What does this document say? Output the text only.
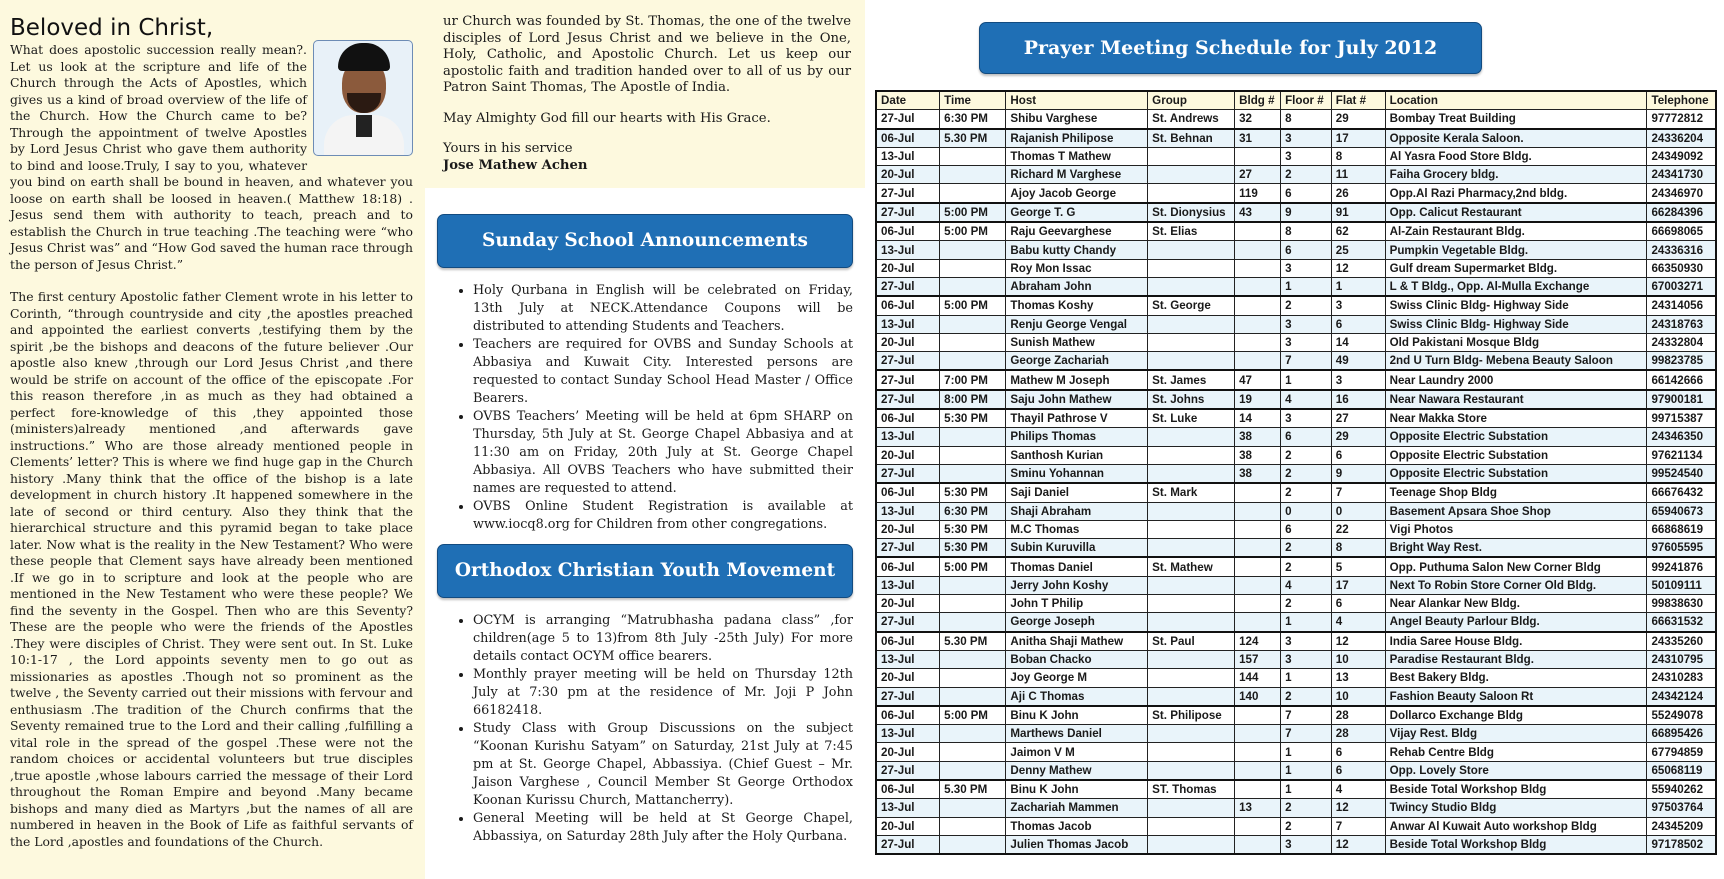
Beloved in Christ,

What does apostolic succession really mean?. Let us look at the scripture and life of the Church through the Acts of Apostles, which gives us a kind of broad overview of the life of the Church. How the Church came to be? Through the appointment of twelve Apostles by Lord Jesus Christ who gave them authority to bind and loose.Truly, I say to you, whatever you bind on earth shall be bound in heaven, and whatever you loose on earth shall be loosed in heaven.( Matthew 18:18) . Jesus send them with authority to teach, preach and to establish the Church in true teaching .The teaching were “who Jesus Christ was” and “How God saved the human race through the person of Jesus Christ.”

The first century Apostolic father Clement wrote in his letter to Corinth, “through countryside and city ,the apostles preached and appointed the earliest converts ,testifying them by the spirit ,be the bishops and deacons of the future believer .Our apostle also knew ,through our Lord Jesus Christ ,and there would be strife on account of the office of the episcopate .For this reason therefore ,in as much as they had obtained a perfect fore-knowledge of this ,they appointed those (ministers)already mentioned ,and afterwards gave instructions.” Who are those already mentioned people in Clements’ letter? This is where we find huge gap in the Church history .Many think that the office of the bishop is a late development in church history .It happened somewhere in the late of second or third century. Also they think that the hierarchical structure and this pyramid began to take place later. Now what is the reality in the New Testament? Who were these people that Clement says have already been mentioned .If we go in to scripture and look at the people who are mentioned in the New Testament who were these people? We find the seventy in the Gospel. Then who are this Seventy? These are the people who were the friends of the Apostles .They were disciples of Christ. They were sent out. In St. Luke 10:1-17 , the Lord appoints seventy men to go out as missionaries as apostles .Though not so prominent as the twelve , the Seventy carried out their missions with fervour and enthusiasm .The tradition of the Church confirms that the Seventy remained true to the Lord and their calling ,fulfilling a vital role in the spread of the gospel .These were not the random choices or accidental volunteers but true disciples ,true apostle ,whose labours carried the message of their Lord throughout the Roman Empire and beyond .Many became bishops and many died as Martyrs ,but the names of all are numbered in heaven in the Book of Life as faithful servants of the Lord ,apostles and foundations of the Church.

ur Church was founded by St. Thomas, the one of the twelve disciples of Lord Jesus Christ and we believe in the One, Holy, Catholic, and Apostolic Church. Let us keep our apostolic faith and tradition handed over to all of us by our Patron Saint Thomas, The Apostle of India.

May Almighty God fill our hearts with His Grace.

Yours in his service

Jose Mathew Achen

Sunday School Announcements
• Holy Qurbana in English will be celebrated on Friday, 13th July at NECK.Attendance Coupons will be distributed to attending Students and Teachers.
• Teachers are required for OVBS and Sunday Schools at Abbasiya and Kuwait City. Interested persons are requested to contact Sunday School Head Master / Office Bearers.
• OVBS Teachers’ Meeting will be held at 6pm SHARP on Thursday, 5th July at St. George Chapel Abbasiya and at 11:30 am on Friday, 20th July at St. George Chapel Abbasiya. All OVBS Teachers who have submitted their names are requested to attend.
• OVBS Online Student Registration is available at www.iocq8.org for Children from other congregations.
Orthodox Christian Youth Movement
• OCYM is arranging “Matrubhasha padana class” ,for children(age 5 to 13)from 8th July -25th July) For more details contact OCYM office bearers.
• Monthly prayer meeting will be held on Thursday 12th July at 7:30 pm at the residence of Mr. Joji P John 66182418.
• Study Class with Group Discussions on the subject “Koonan Kurishu Satyam” on Saturday, 21st July at 7:45 pm at St. George Chapel, Abbassiya. (Chief Guest – Mr. Jaison Varghese , Council Member St George Orthodox Koonan Kurissu Church, Mattancherry).
• General Meeting will be held at St George Chapel, Abbassiya, on Saturday 28th July after the Holy Qurbana.
Prayer Meeting Schedule for July 2012
Date	Time	Host	Group	Bldg #	Floor #	Flat #	Location	Telephone
27-Jul	6:30 PM	Shibu Varghese	St. Andrews	32	8	29	Bombay Treat Building	97772812
06-Jul	5.30 PM	Rajanish Philipose	St. Behnan	31	3	17	Opposite Kerala Saloon.	24336204
13-Jul		Thomas T Mathew			3	8	Al Yasra Food Store Bldg.	24349092
20-Jul		Richard M Varghese		27	2	11	Faiha Grocery bldg.	24341730
27-Jul		Ajoy Jacob George		119	6	26	Opp.Al Razi Pharmacy,2nd bldg.	24346970
27-Jul	5:00 PM	George T. G	St. Dionysius	43	9	91	Opp. Calicut Restaurant	66284396
06-Jul	5:00 PM	Raju Geevarghese	St. Elias		8	62	Al-Zain Restaurant Bldg.	66698065
13-Jul		Babu kutty Chandy			6	25	Pumpkin Vegetable Bldg.	24336316
20-Jul		Roy Mon Issac			3	12	Gulf dream Supermarket Bldg.	66350930
27-Jul		Abraham John			1	1	L & T Bldg., Opp. Al-Mulla Exchange	67003271
06-Jul	5:00 PM	Thomas Koshy	St. George		2	3	Swiss Clinic Bldg- Highway Side	24314056
13-Jul		Renju George Vengal			3	6	Swiss Clinic Bldg- Highway Side	24318763
20-Jul		Sunish Mathew			3	14	Old Pakistani Mosque Bldg	24332804
27-Jul		George Zachariah			7	49	2nd U Turn Bldg- Mebena Beauty Saloon	99823785
27-Jul	7:00 PM	Mathew M Joseph	St. James	47	1	3	Near Laundry 2000	66142666
27-Jul	8:00 PM	Saju John Mathew	St. Johns	19	4	16	Near Nawara Restaurant	97900181
06-Jul	5:30 PM	Thayil Pathrose V	St. Luke	14	3	27	Near Makka Store	99715387
13-Jul		Philips Thomas		38	6	29	Opposite Electric Substation	24346350
20-Jul		Santhosh Kurian		38	2	6	Opposite Electric Substation	97621134
27-Jul		Sminu Yohannan		38	2	9	Opposite Electric Substation	99524540
06-Jul	5:30 PM	Saji Daniel	St. Mark		2	7	Teenage Shop Bldg	66676432
13-Jul	6:30 PM	Shaji Abraham			0	0	Basement Apsara Shoe Shop	65940673
20-Jul	5:30 PM	M.C Thomas			6	22	Vigi Photos	66868619
27-Jul	5:30 PM	Subin Kuruvilla			2	8	Bright Way Rest.	97605595
06-Jul	5:00 PM	Thomas Daniel	St. Mathew		2	5	Opp. Puthuma Salon New Corner Bldg	99241876
13-Jul		Jerry John Koshy			4	17	Next To Robin Store Corner Old Bldg.	50109111
20-Jul		John T Philip			2	6	Near Alankar New Bldg.	99838630
27-Jul		George Joseph			1	4	Angel Beauty Parlour Bldg.	66631532
06-Jul	5.30 PM	Anitha Shaji Mathew	St. Paul	124	3	12	India Saree House Bldg.	24335260
13-Jul		Boban Chacko		157	3	10	Paradise Restaurant Bldg.	24310795
20-Jul		Joy George M		144	1	13	Best Bakery Bldg.	24310283
27-Jul		Aji C Thomas		140	2	10	Fashion Beauty Saloon Rt	24342124
06-Jul	5:00 PM	Binu K John	St. Philipose		7	28	Dollarco Exchange Bldg	55249078
13-Jul		Marthews Daniel			7	28	Vijay Rest. Bldg	66895426
20-Jul		Jaimon V M			1	6	Rehab Centre Bldg	67794859
27-Jul		Denny Mathew			1	6	Opp. Lovely Store	65068119
06-Jul	5.30 PM	Binu K John	ST. Thomas		1	4	Beside Total Workshop Bldg	55940262
13-Jul		Zachariah Mammen		13	2	12	Twincy Studio Bldg	97503764
20-Jul		Thomas Jacob			2	7	Anwar Al Kuwait Auto workshop Bldg	24345209
27-Jul		Julien Thomas Jacob			3	12	Beside Total Workshop Bldg	97178502
